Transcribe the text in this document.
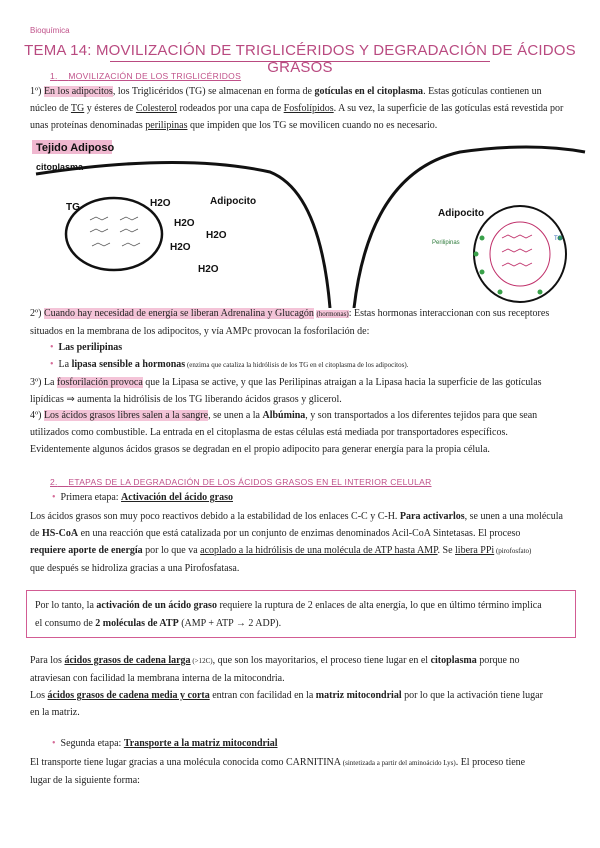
Bioquímica
TEMA 14: MOVILIZACIÓN DE TRIGLICÉRIDOS Y DEGRADACIÓN DE ÁCIDOS GRASOS
1. MOVILIZACIÓN DE LOS TRIGLICÉRIDOS
1º) En los adipocitos, los Triglicéridos (TG) se almacenan en forma de gotículas en el citoplasma. Estas gotículas contienen un
núcleo de TG y ésteres de Colesterol rodeados por una capa de Fosfolípidos. A su vez, la superficie de las gotículas está revestida por
unas proteínas denominadas perilipinas que impiden que los TG se movilicen cuando no es necesario.
Tejido Adiposo
citoplasma
TG	H2O
H2O
H2O
H2O
H2O
Adipocito
Adipocito
Perilipinas
TG
2º) Cuando hay necesidad de energía se liberan Adrenalina y Glucagón (hormonas): Estas hormonas interaccionan con sus receptores
situados en la membrana de los adipocitos, y vía AMPc provocan la fosforilación de:
• Las perilipinas
• La lipasa sensible a hormonas (enzima que cataliza la hidrólisis de los TG en el citoplasma de los adipocitos).
3º) La fosforilación provoca que la Lipasa se active, y que las Perilipinas atraigan a la Lipasa hacia la superficie de las gotículas
lipídicas ⇒ aumenta la hidrólisis de los TG liberando ácidos grasos y glicerol.
4º) Los ácidos grasos libres salen a la sangre, se unen a la Albúmina, y son transportados a los diferentes tejidos para que sean
utilizados como combustible. La entrada en el citoplasma de estas células está mediada por transportadores específicos.
Evidentemente algunos ácidos grasos se degradan en el propio adipocito para generar energía para la propia célula.
2. ETAPAS DE LA DEGRADACIÓN DE LOS ÁCIDOS GRASOS EN EL INTERIOR CELULAR
• Primera etapa: Activación del ácido graso
Los ácidos grasos son muy poco reactivos debido a la estabilidad de los enlaces C-C y C-H. Para activarlos, se unen a una molécula
de HS-CoA en una reacción que está catalizada por un conjunto de enzimas denominados Acil-CoA Sintetasas. El proceso
requiere aporte de energía por lo que va acoplado a la hidrólisis de una molécula de ATP hasta AMP. Se libera PPi (pirofosfato)
que después se hidroliza gracias a una Pirofosfatasa.
Por lo tanto, la activación de un ácido graso requiere la ruptura de 2 enlaces de alta energía, lo que en último término implica
el consumo de 2 moléculas de ATP (AMP + ATP → 2 ADP).
Para los ácidos grasos de cadena larga (>12C), que son los mayoritarios, el proceso tiene lugar en el citoplasma porque no
atraviesan con facilidad la membrana interna de la mitocondria.
Los ácidos grasos de cadena media y corta entran con facilidad en la matriz mitocondrial por lo que la activación tiene lugar
en la matriz.
• Segunda etapa: Transporte a la matriz mitocondrial
El transporte tiene lugar gracias a una molécula conocida como CARNITINA (sintetizada a partir del aminoácido Lys). El proceso tiene
lugar de la siguiente forma:
